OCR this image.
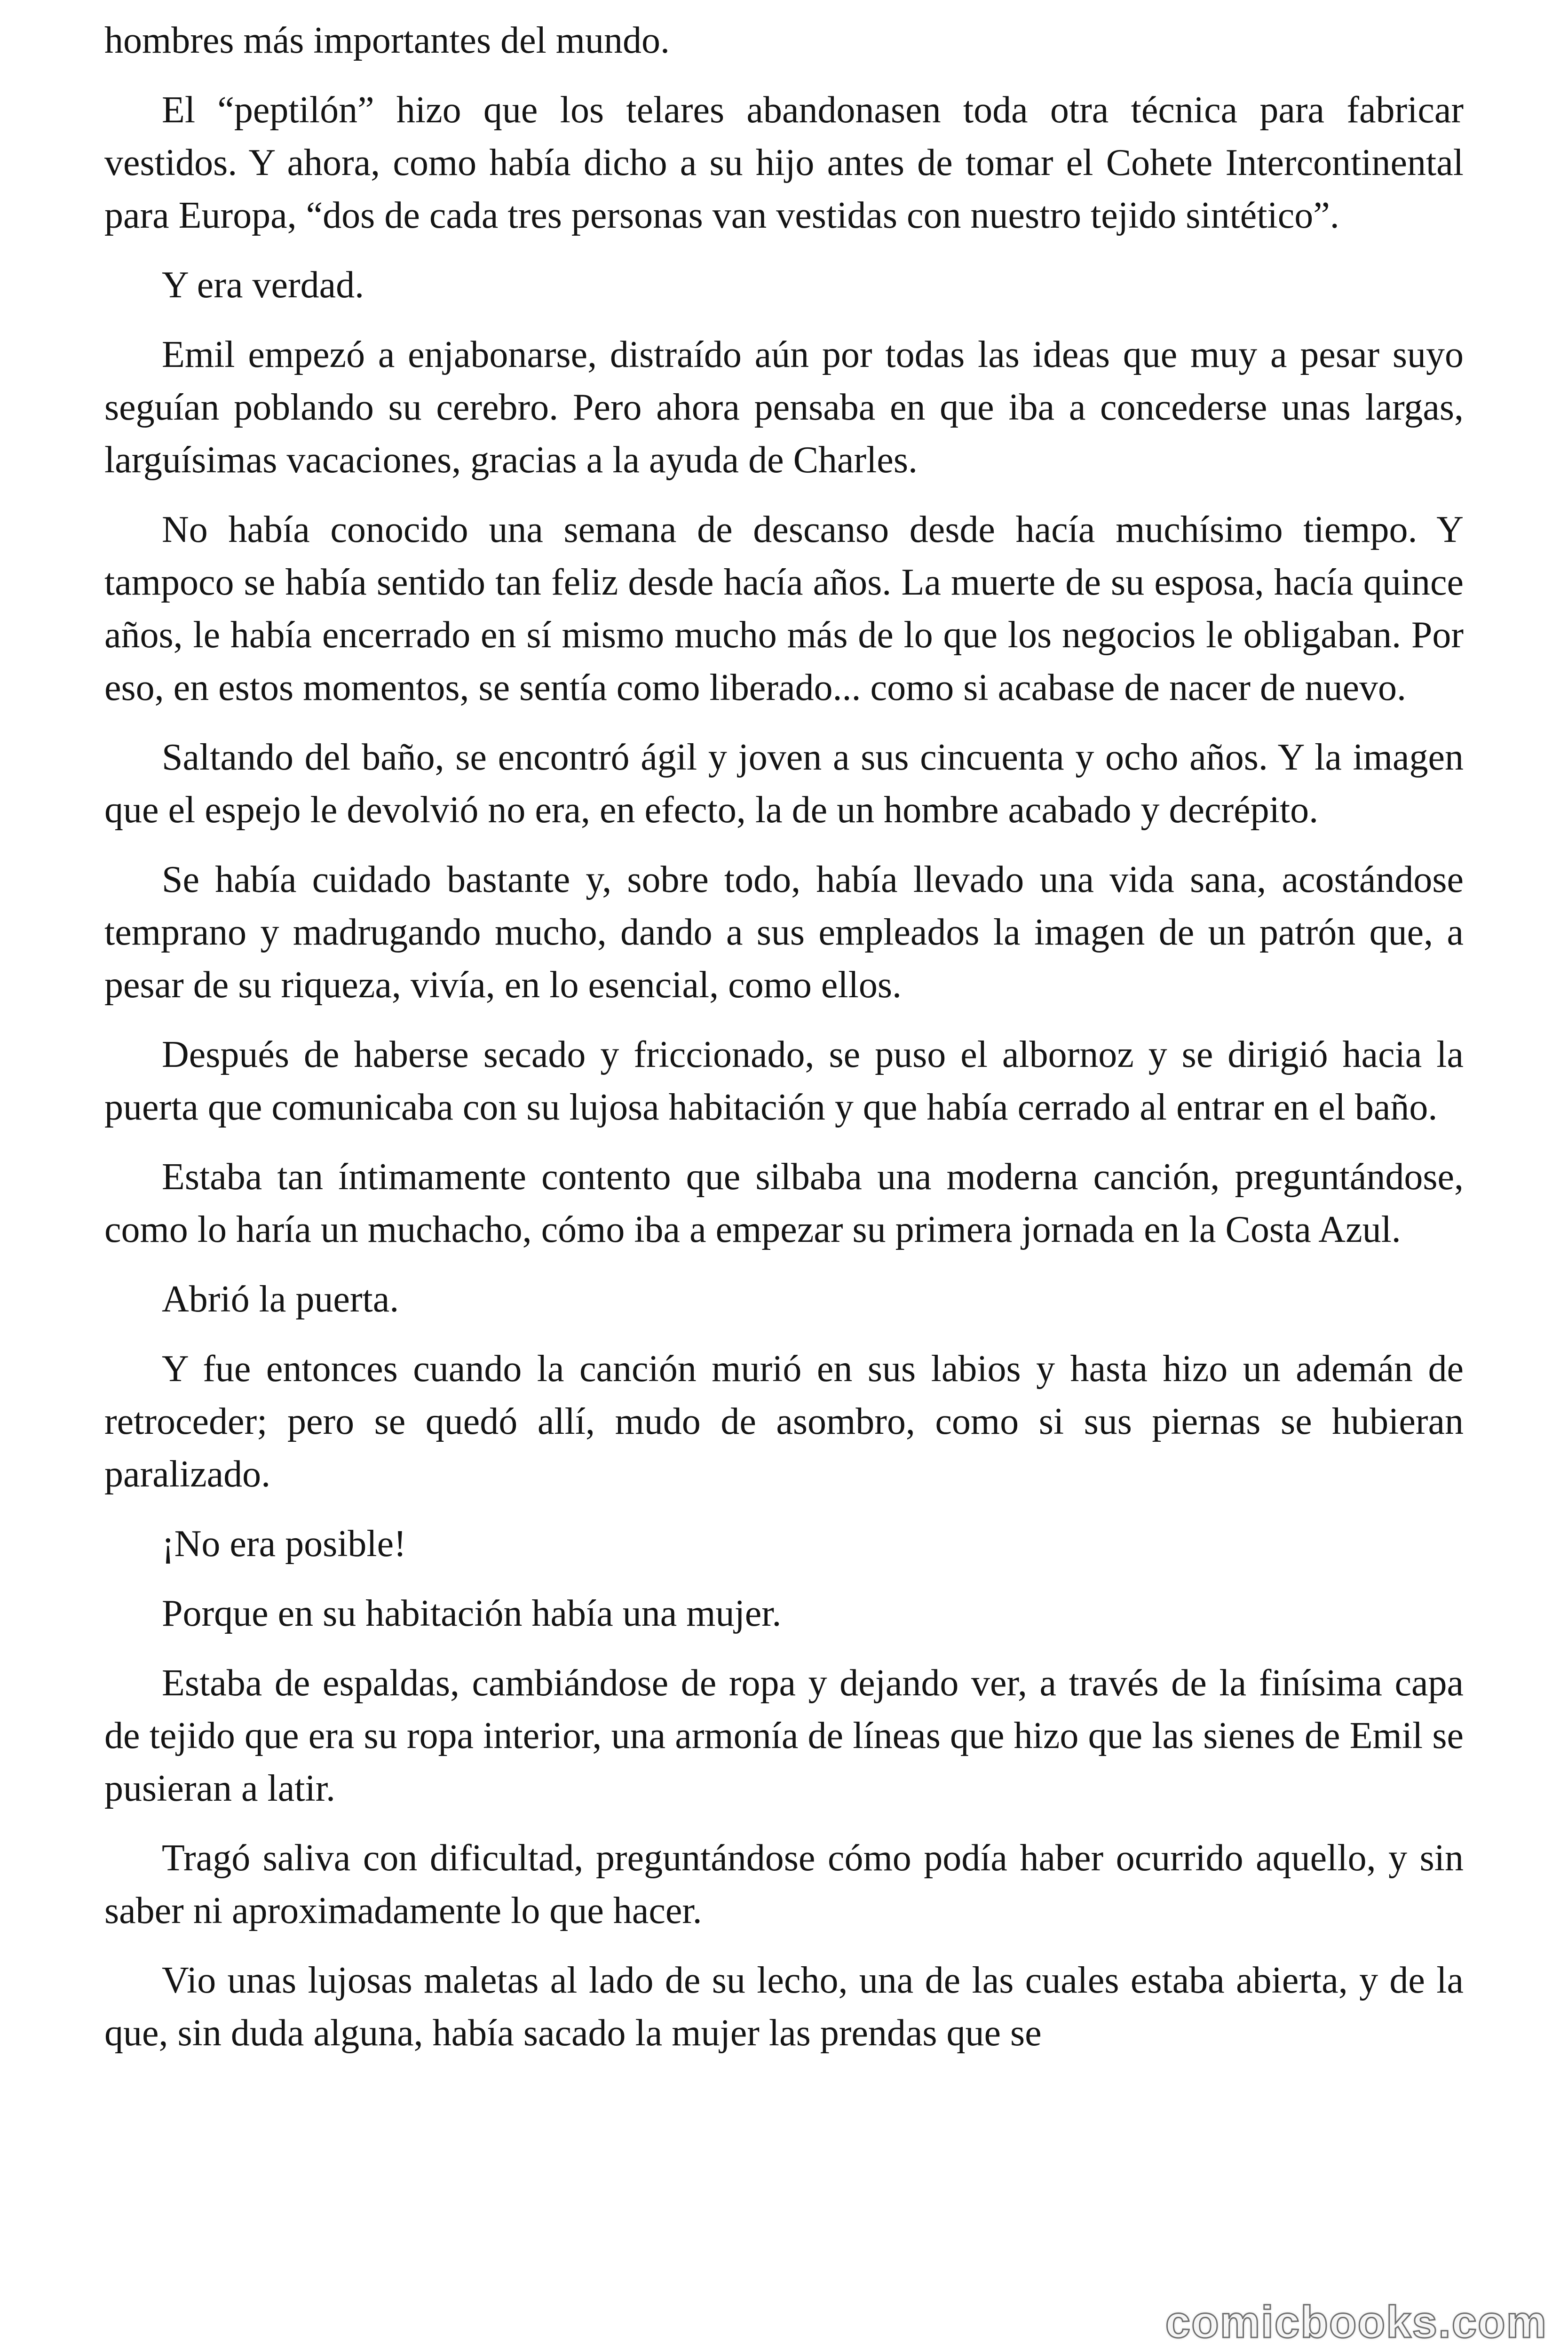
hombres más importantes del mundo.

El “peptilón” hizo que los telares abandonasen toda otra técnica para fabricar vestidos. Y ahora, como había dicho a su hijo antes de tomar el Cohete Intercontinental para Europa, “dos de cada tres personas van vestidas con nuestro tejido sintético”.

Y era verdad.

Emil empezó a enjabonarse, distraído aún por todas las ideas que muy a pesar suyo seguían poblando su cerebro. Pero ahora pensaba en que iba a concederse unas largas, larguísimas vacaciones, gracias a la ayuda de Charles.

No había conocido una semana de descanso desde hacía muchísimo tiempo. Y tampoco se había sentido tan feliz desde hacía años. La muerte de su esposa, hacía quince años, le había encerrado en sí mismo mucho más de lo que los negocios le obligaban. Por eso, en estos momentos, se sentía como liberado... como si acabase de nacer de nuevo.

Saltando del baño, se encontró ágil y joven a sus cincuenta y ocho años. Y la imagen que el espejo le devolvió no era, en efecto, la de un hombre acabado y decrépito.

Se había cuidado bastante y, sobre todo, había llevado una vida sana, acostándose temprano y madrugando mucho, dando a sus empleados la imagen de un patrón que, a pesar de su riqueza, vivía, en lo esencial, como ellos.

Después de haberse secado y friccionado, se puso el albornoz y se dirigió hacia la puerta que comunicaba con su lujosa habitación y que había cerrado al entrar en el baño.

Estaba tan íntimamente contento que silbaba una moderna canción, preguntándose, como lo haría un muchacho, cómo iba a empezar su primera jornada en la Costa Azul.

Abrió la puerta.

Y fue entonces cuando la canción murió en sus labios y hasta hizo un ademán de retroceder; pero se quedó allí, mudo de asombro, como si sus piernas se hubieran paralizado.

¡No era posible!

Porque en su habitación había una mujer.

Estaba de espaldas, cambiándose de ropa y dejando ver, a través de la finísima capa de tejido que era su ropa interior, una armonía de líneas que hizo que las sienes de Emil se pusieran a latir.

Tragó saliva con dificultad, preguntándose cómo podía haber ocurrido aquello, y sin saber ni aproximadamente lo que hacer.

Vio unas lujosas maletas al lado de su lecho, una de las cuales estaba abierta, y de la que, sin duda alguna, había sacado la mujer las prendas que se

comicbooks.com
